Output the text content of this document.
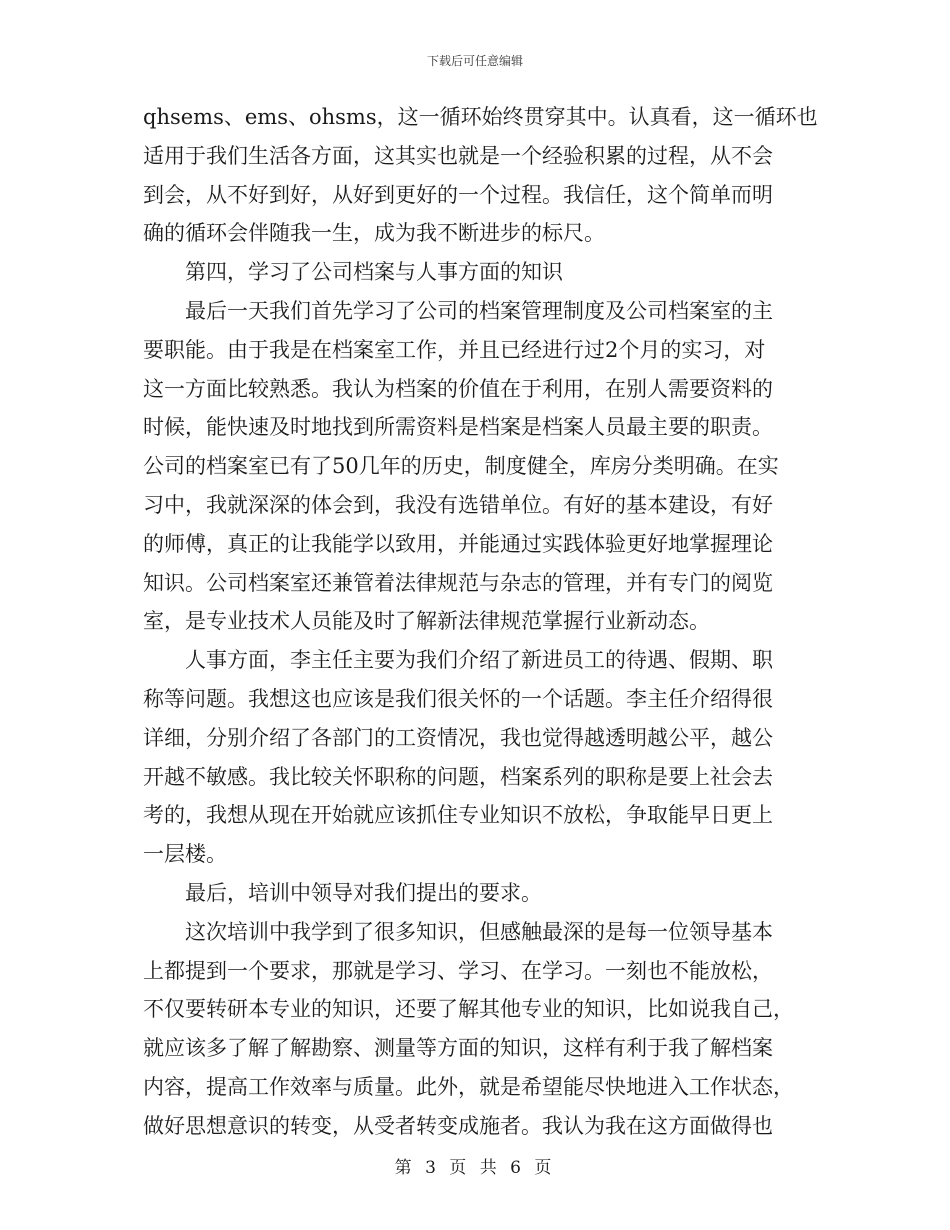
下载后可任意编辑
qhsems、ems、ohsms，这一循环始终贯穿其中。认真看，这一循环也
适用于我们生活各方面，这其实也就是一个经验积累的过程，从不会
到会，从不好到好，从好到更好的一个过程。我信任，这个简单而明
确的循环会伴随我一生，成为我不断进步的标尺。
第四，学习了公司档案与人事方面的知识
最后一天我们首先学习了公司的档案管理制度及公司档案室的主
要职能。由于我是在档案室工作，并且已经进行过2个月的实习，对
这一方面比较熟悉。我认为档案的价值在于利用，在别人需要资料的
时候，能快速及时地找到所需资料是档案是档案人员最主要的职责。
公司的档案室已有了50几年的历史，制度健全，库房分类明确。在实
习中，我就深深的体会到，我没有选错单位。有好的基本建设，有好
的师傅，真正的让我能学以致用，并能通过实践体验更好地掌握理论
知识。公司档案室还兼管着法律规范与杂志的管理，并有专门的阅览
室，是专业技术人员能及时了解新法律规范掌握行业新动态。
人事方面，李主任主要为我们介绍了新进员工的待遇、假期、职
称等问题。我想这也应该是我们很关怀的一个话题。李主任介绍得很
详细，分别介绍了各部门的工资情况，我也觉得越透明越公平，越公
开越不敏感。我比较关怀职称的问题，档案系列的职称是要上社会去
考的，我想从现在开始就应该抓住专业知识不放松，争取能早日更上
一层楼。
最后，培训中领导对我们提出的要求。
这次培训中我学到了很多知识，但感触最深的是每一位领导基本
上都提到一个要求，那就是学习、学习、在学习。一刻也不能放松，
不仅要转研本专业的知识，还要了解其他专业的知识，比如说我自己，
就应该多了解了解勘察、测量等方面的知识，这样有利于我了解档案
内容，提高工作效率与质量。此外，就是希望能尽快地进入工作状态，
做好思想意识的转变，从受者转变成施者。我认为我在这方面做得也
第 3 页 共 6 页
